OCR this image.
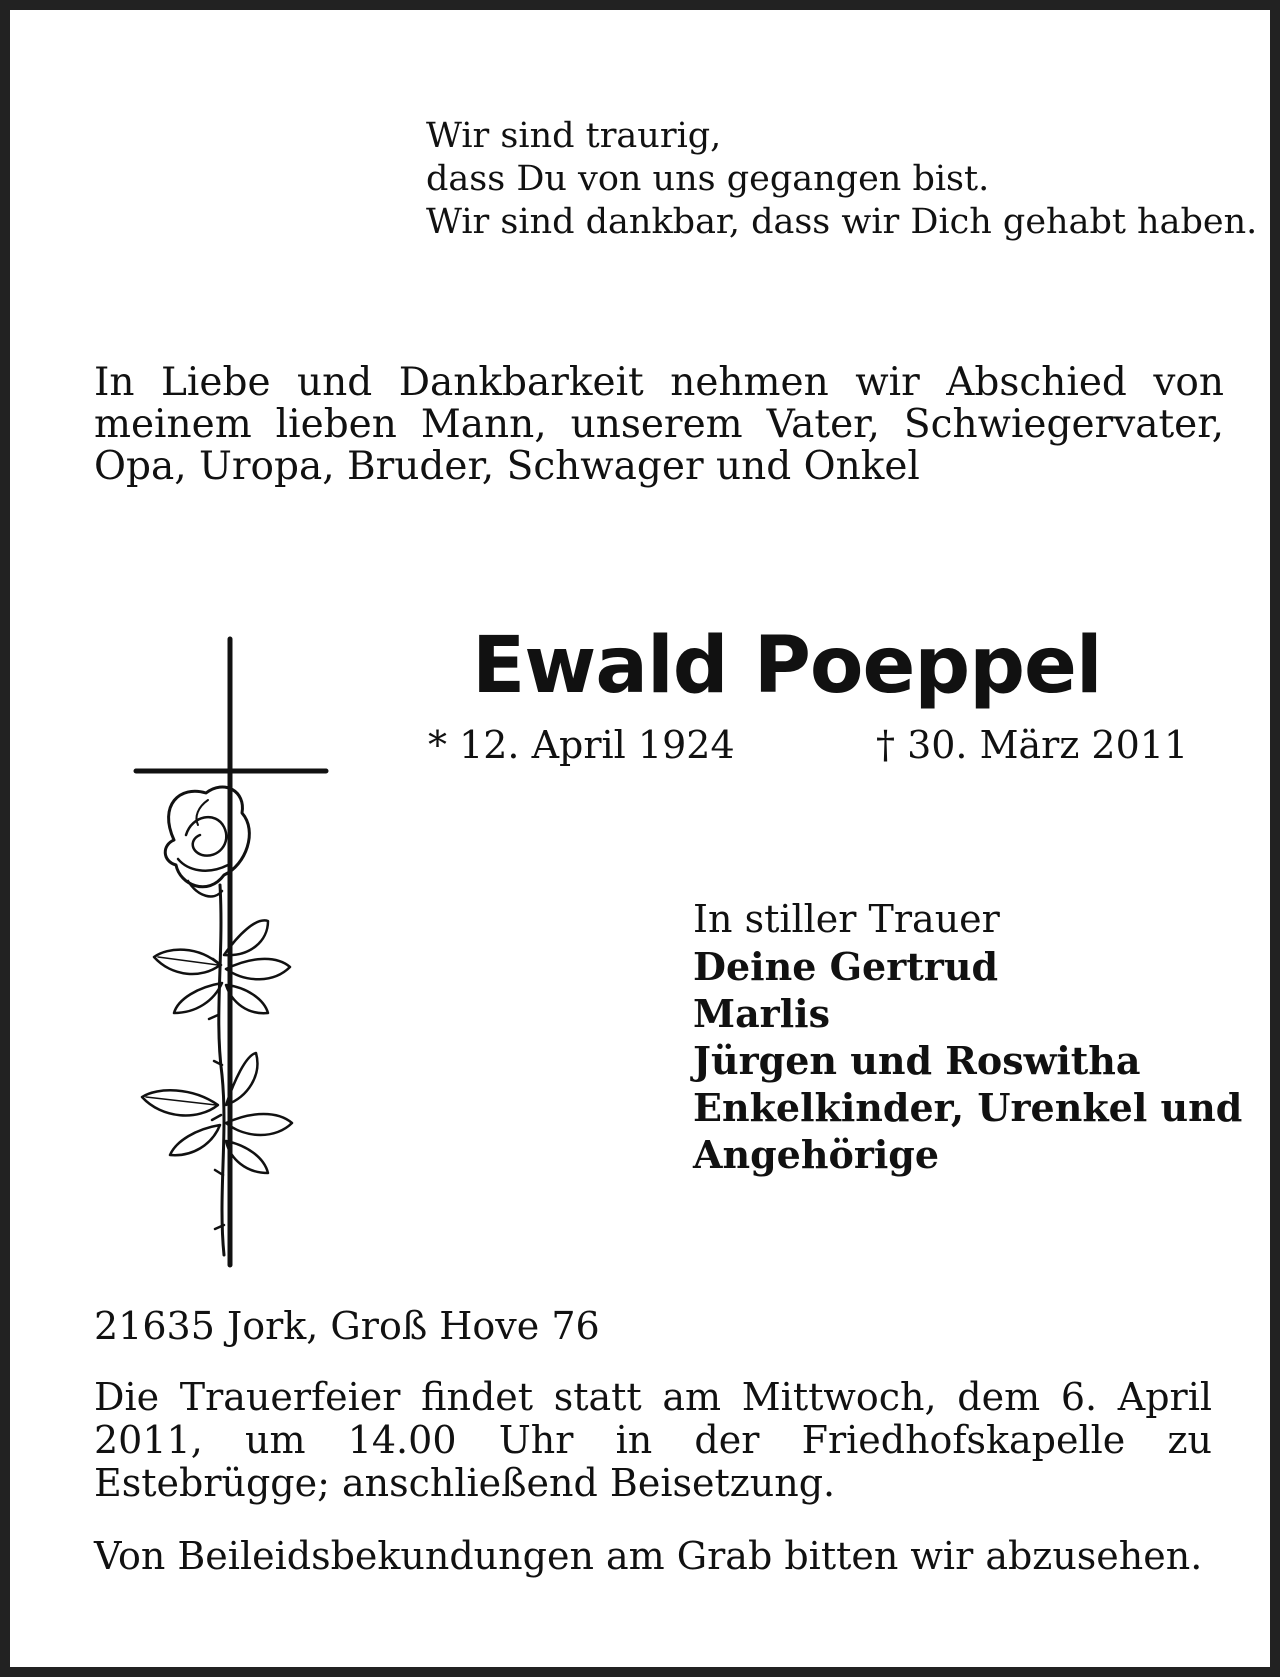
Wir sind traurig,
dass Du von uns gegangen bist.
Wir sind dankbar, dass wir Dich gehabt haben.
In Liebe und Dankbarkeit nehmen wir Abschied von meinem lieben Mann, unserem Vater, Schwiegervater, Opa, Uropa, Bruder, Schwager und Onkel
Ewald Poeppel
* 12. April 1924	† 30. März 2011
In stiller Trauer
Deine Gertrud
Marlis
Jürgen und Roswitha
Enkelkinder, Urenkel und
Angehörige
21635 Jork, Groß Hove 76
Die Trauerfeier findet statt am Mittwoch, dem 6. April 2011, um 14.00 Uhr in der Friedhofskapelle zu Estebrügge; anschließend Beisetzung.
Von Beileidsbekundungen am Grab bitten wir abzusehen.
